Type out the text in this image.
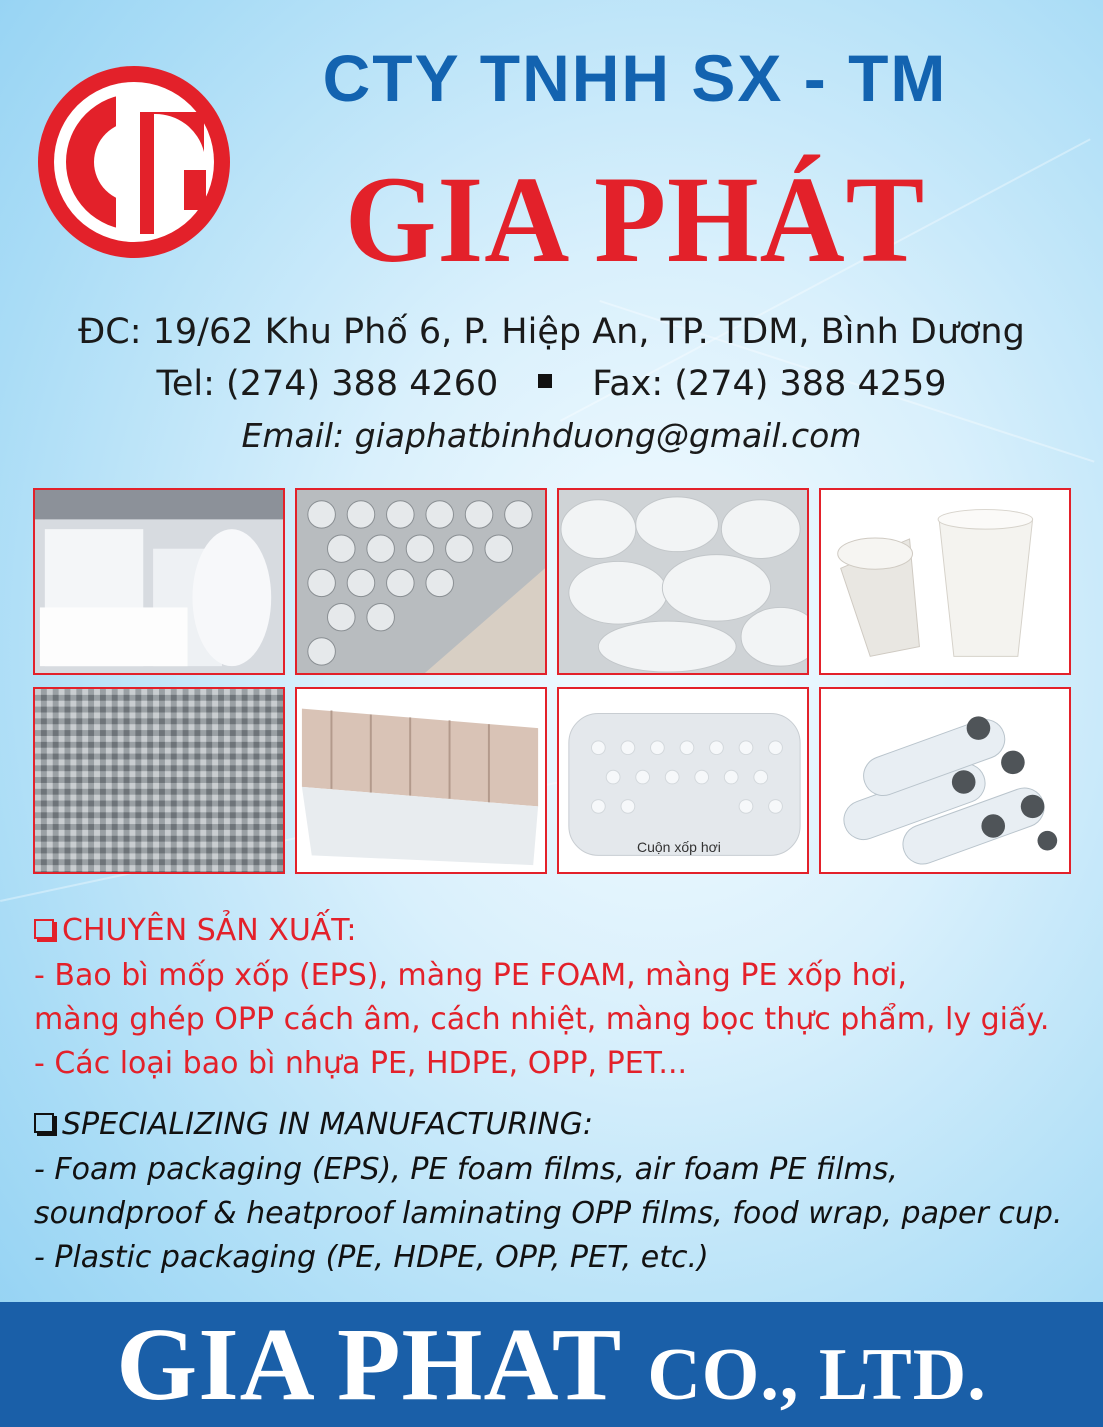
CTY TNHH SX - TM
GIA PHÁT
ĐC: 19/62 Khu Phố 6, P. Hiệp An, TP. TDM, Bình Dương
Tel: (274) 388 4260	Fax: (274) 388 4259
Email: giaphatbinhduong@gmail.com
Cuộn xốp hơi
CHUYÊN SẢN XUẤT:
- Bao bì mốp xốp (EPS), màng PE FOAM, màng PE xốp hơi,
màng ghép OPP cách âm, cách nhiệt, màng bọc thực phẩm, ly giấy.
- Các loại bao bì nhựa PE, HDPE, OPP, PET...
SPECIALIZING IN MANUFACTURING:
- Foam packaging (EPS), PE foam films, air foam PE films,
soundproof & heatproof laminating OPP films, food wrap, paper cup.
- Plastic packaging (PE, HDPE, OPP, PET, etc.)
GIA PHAT CO., LTD.
